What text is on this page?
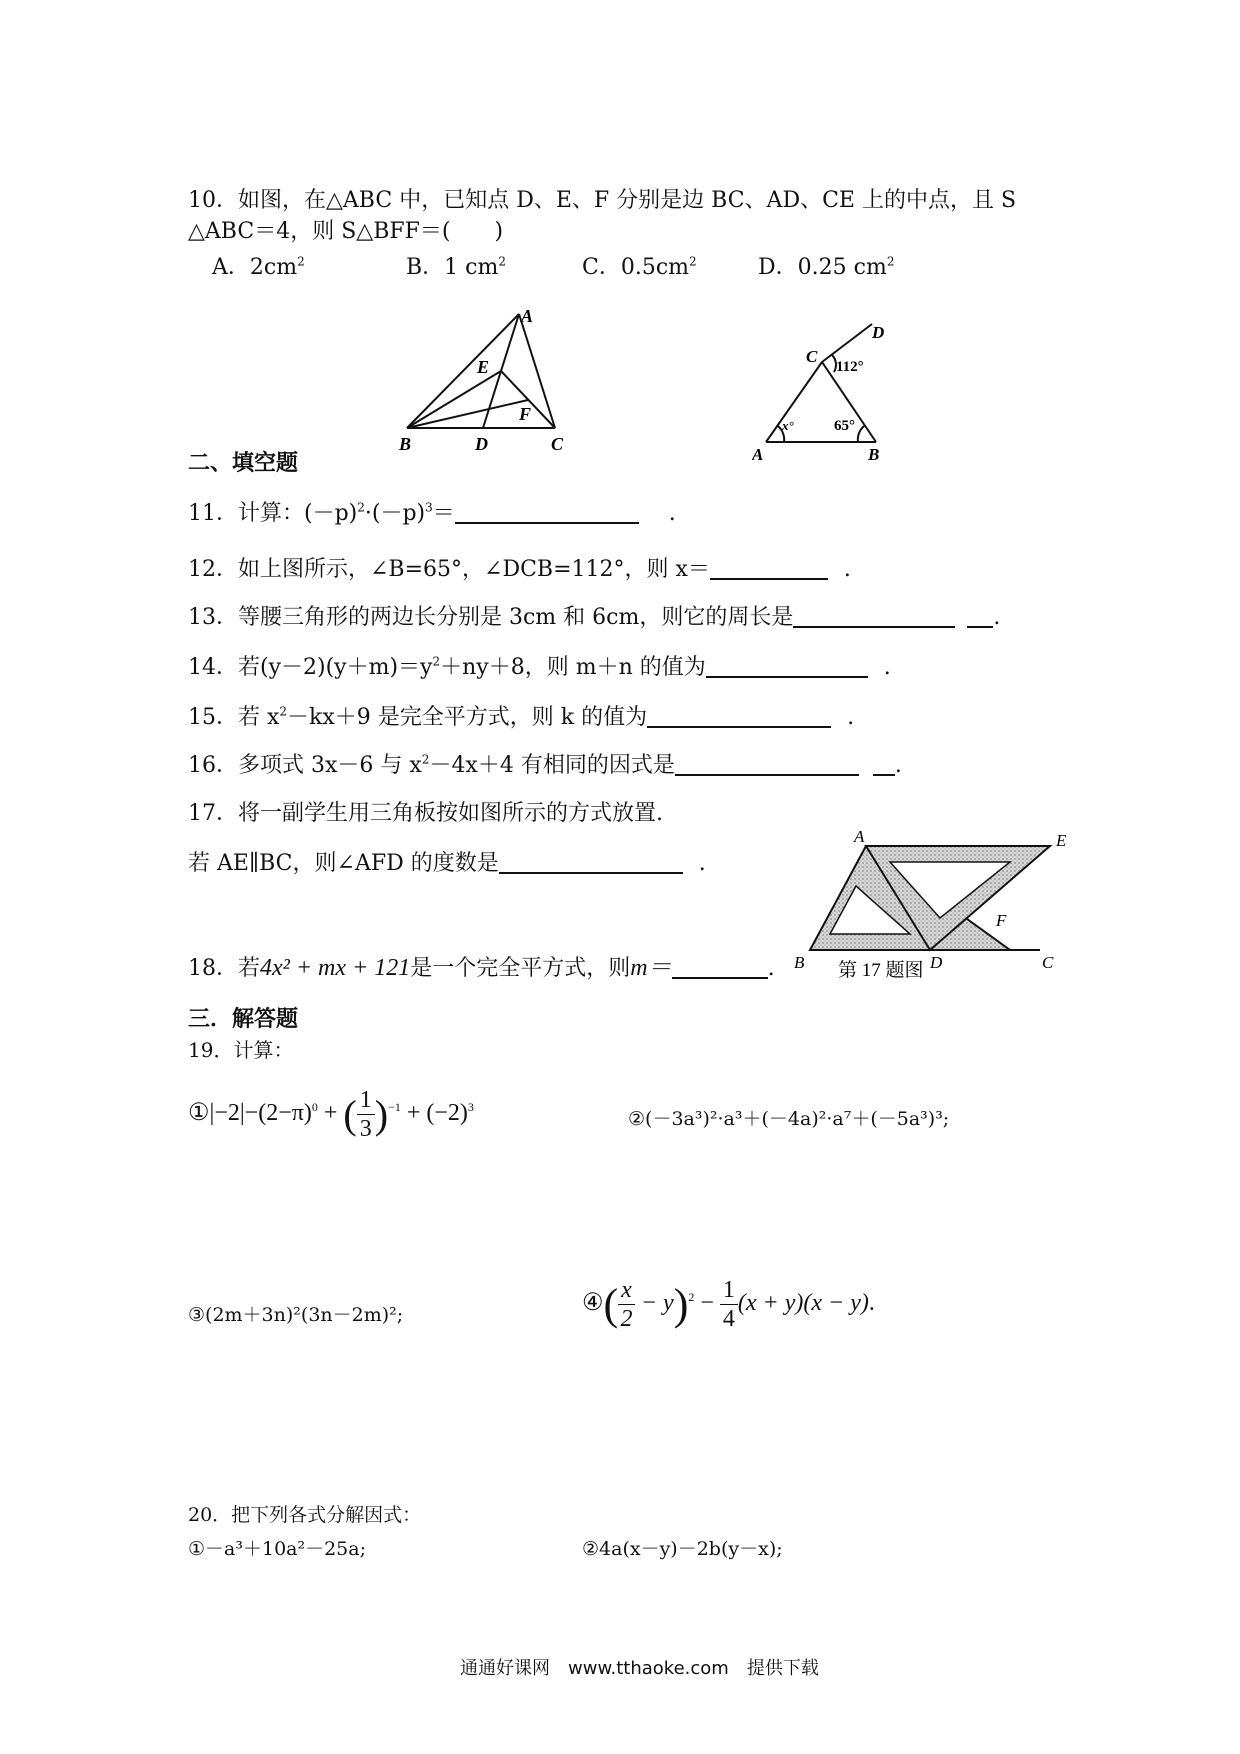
10．如图，在△ABC 中，已知点 D、E、F 分别是边 BC、AD、CE 上的中点，且 S
△ABC＝4，则 S△BFF＝(　　)
A．$2cm^2$	B．1 $cm^2$	C．$0.5cm^2$	D．0.25 $cm^2$
A
E
F
B	D	C
D
C
112°
x°	65°
A	B
二、填空题
11．计算：$(-p)^2\cdot(-p)^3=$	.
12．如上图所示，∠B=65°，∠DCB=112°，则 x＝	.
13．等腰三角形的两边长分别是 3cm 和 6cm，则它的周长是	.
14．若$(y-2)(y+m)=y^2+ny+8$，则 m＋n 的值为	.
15．若 $x^2-kx+9$ 是完全平方式，则 k 的值为	.
16．多项式 3x－6 与 $x^2-4x+4$ 有相同的因式是	.
17．将一副学生用三角板按如图所示的方式放置.
若 AE∥BC，则∠AFD 的度数是	.
A	E
F
B	D	C
第 17 题图
18．若4x² + mx + 121是一个完全平方式，则m＝	.
三．解答题
19．计算：
$①|-2|-(2-\pi)^0$ + ( $\frac{1}{3} )^{-1} + (-2)^3$
②(－3a³)²·a³＋(－4a)²·a⁷＋(－5a³)³;
③(2m＋3n)²(3n－2m)²;	④( $\frac{x}{2} - y)^2 - \frac{1}{4} (x + y)(x - y)$.
20．把下列各式分解因式：
①－a³＋10a²－25a;	②4a(x－y)－2b(y－x);
通通好课网　www.tthaoke.com　提供下载
